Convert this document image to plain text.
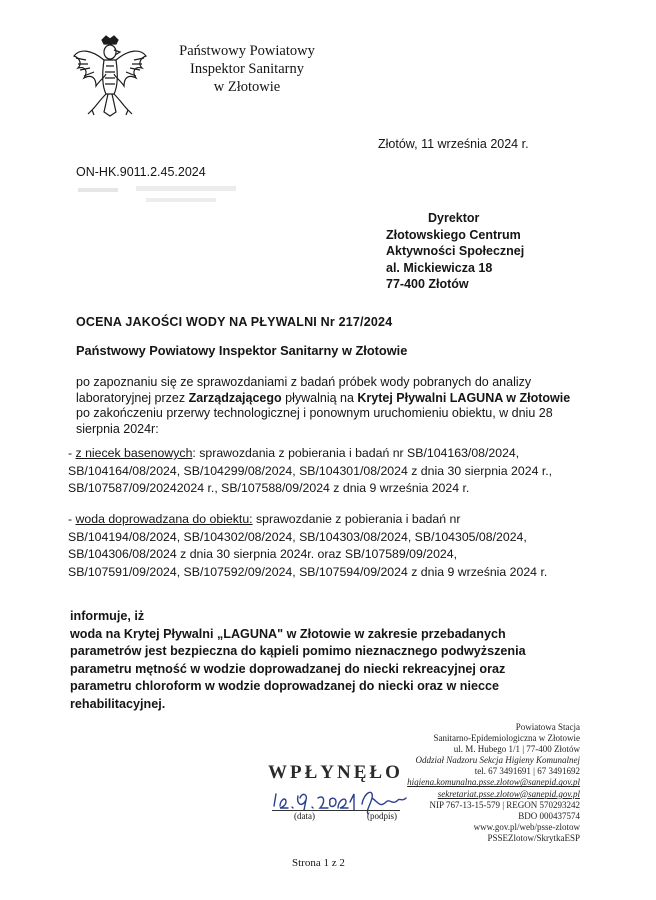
Państwowy Powiatowy
Inspektor Sanitarny
w Złotowie
Złotów, 11 września 2024 r.
ON-HK.9011.2.45.2024
Dyrektor
Złotowskiego Centrum
Aktywności Społecznej
al. Mickiewicza 18
77-400 Złotów
OCENA JAKOŚCI WODY NA PŁYWALNI Nr 217/2024
Państwowy Powiatowy Inspektor Sanitarny w Złotowie
po zapoznaniu się ze sprawozdaniami z badań próbek wody pobranych do analizy
laboratoryjnej przez Zarządzającego pływalnią na Krytej Pływalni LAGUNA w Złotowie
po zakończeniu przerwy technologicznej i ponownym uruchomieniu obiektu, w dniu 28
sierpnia 2024r:
- z niecek basenowych: sprawozdania z pobierania i badań nr SB/104163/08/2024,
SB/104164/08/2024, SB/104299/08/2024, SB/104301/08/2024 z dnia 30 sierpnia 2024 r.,
SB/107587/09/20242024 r., SB/107588/09/2024 z dnia 9 września 2024 r.
- woda doprowadzana do obiektu: sprawozdanie z pobierania i badań nr
SB/104194/08/2024, SB/104302/08/2024, SB/104303/08/2024, SB/104305/08/2024,
SB/104306/08/2024 z dnia 30 sierpnia 2024r. oraz SB/107589/09/2024,
SB/107591/09/2024, SB/107592/09/2024, SB/107594/09/2024 z dnia 9 września 2024 r.
informuje, iż
woda na Krytej Pływalni „LAGUNA" w Złotowie w zakresie przebadanych
parametrów jest bezpieczna do kąpieli pomimo nieznacznego podwyższenia
parametru mętność w wodzie doprowadzanej do niecki rekreacyjnej oraz
parametru chloroform w wodzie doprowadzanej do niecki oraz w niecce
rehabilitacyjnej.
WPŁYNĘŁO
(data)	(podpis)
Powiatowa Stacja
Sanitarno-Epidemiologiczna w Złotowie
ul. M. Hubego 1/1 | 77-400 Złotów
Oddział Nadzoru Sekcja Higieny Komunalnej
tel. 67 3491691 | 67 3491692
higiena.komunalna.psse.zlotow@sanepid.gov.pl
sekretariat.psse.zlotow@sanepid.gov.pl
NIP 767-13-15-579 | REGON 570293242
BDO 000437574
www.gov.pl/web/psse-zlotow
PSSEZlotow/SkrytkaESP
Strona 1 z 2
